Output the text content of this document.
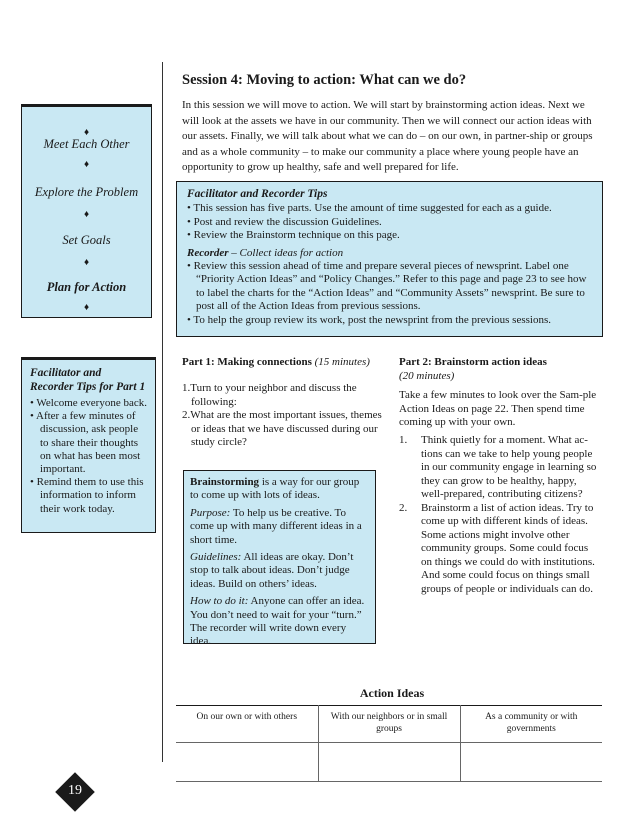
♦
Meet Each Other
♦
Explore the Problem
♦
Set Goals
♦
Plan for Action
♦
Facilitator and Recorder Tips for Part 1
• Welcome everyone back.
• After a few minutes of discussion, ask people to share their thoughts on what has been most important.
• Remind them to use this information to inform their work today.
Session 4: Moving to action: What can we do?

In this session we will move to action. We will start by brainstorming action ideas. Next we will look at the assets we have in our community. Then we will connect our action ideas with our assets. Finally, we will talk about what we can do – on our own, in partner-ship or groups and as a whole community – to make our community a place where young people have an opportunity to grow up healthy, safe and well prepared for life.

Facilitator and Recorder Tips
• This session has five parts. Use the amount of time suggested for each as a guide.
• Post and review the discussion Guidelines.
• Review the Brainstorm technique on this page.
Recorder – Collect ideas for action
• Review this session ahead of time and prepare several pieces of newsprint. Label one “Priority Action Ideas” and “Policy Changes.” Refer to this page and page 23 to see how to label the charts for the “Action Ideas” and “Community Assets” newsprint. Be sure to post all of the Action Ideas from previous sessions.
• To help the group review its work, post the newsprint from the previous sessions.
Part 1: Making connections (15 minutes)
1.Turn to your neighbor and discuss the following:
2.What are the most important issues, themes or ideas that we have discussed during our study circle?

Brainstorming is a way for our group to come up with lots of ideas.

Purpose: To help us be creative. To come up with many different ideas in a short time.

Guidelines: All ideas are okay. Don’t stop to talk about ideas. Don’t judge ideas. Build on others’ ideas.

How to do it: Anyone can offer an idea. You don’t need to wait for your “turn.” The recorder will write down every idea.

Part 2: Brainstorm action ideas
(20 minutes)

Take a few minutes to look over the Sam-ple Action Ideas on page 22. Then spend time coming up with your own.

1. Think quietly for a moment. What ac-tions can we take to help young people in our community engage in learning so they can grow to be healthy, happy, well-prepared, contributing citizens?
2. Brainstorm a list of action ideas. Try to come up with different kinds of ideas. Some actions might involve other community groups. Some could focus on things we could do with institutions. And some could focus on things small groups of people or individuals can do.
Action Ideas
On our own or with others	With our neighbors or in small groups	As a community or with governments

19
